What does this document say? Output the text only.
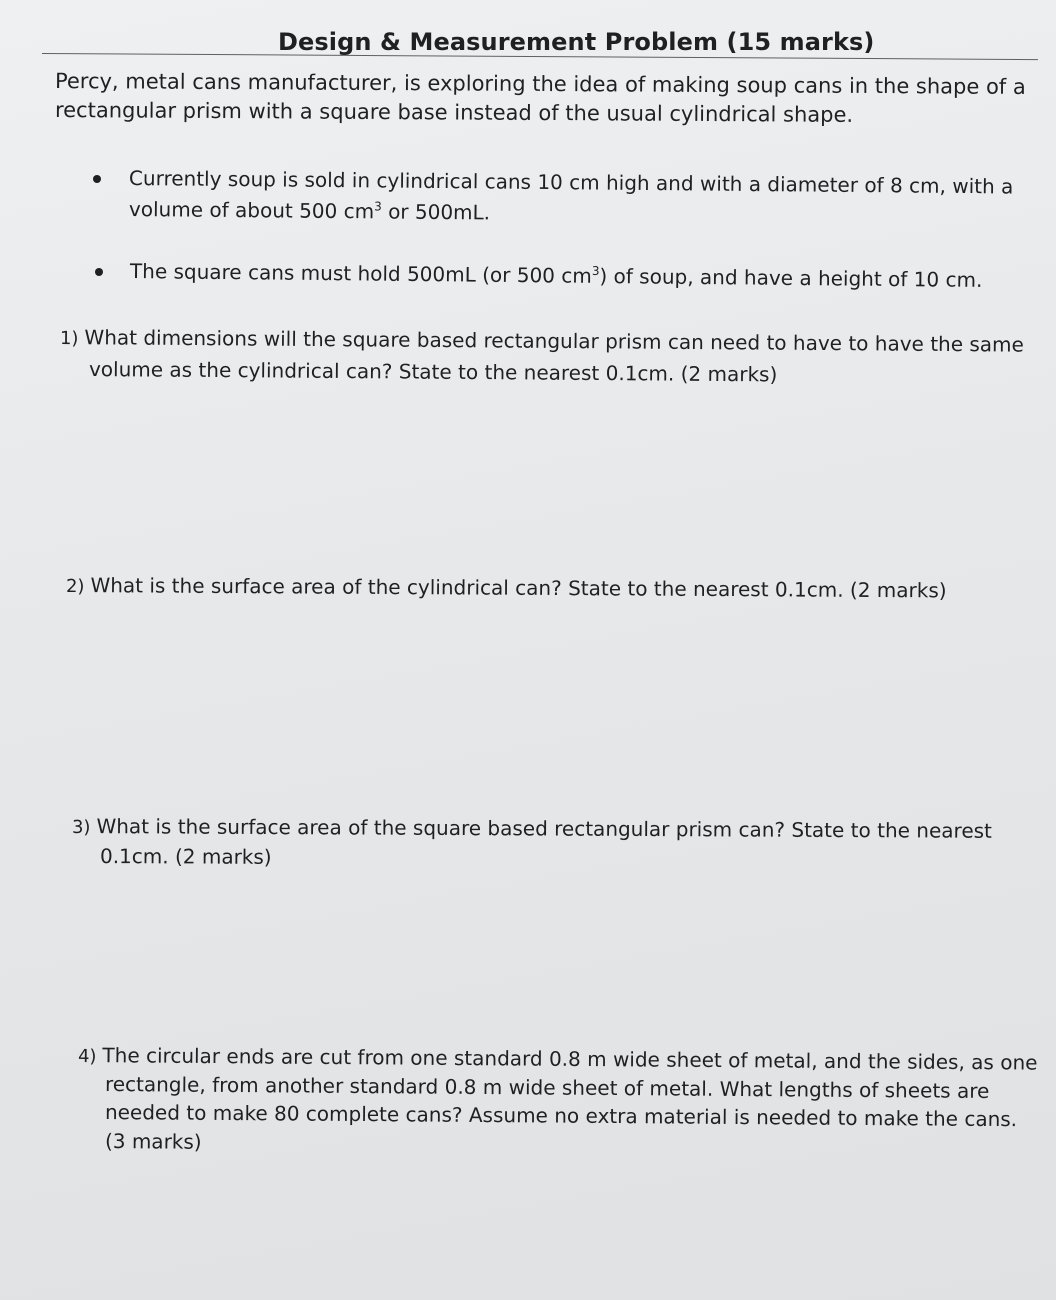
Design & Measurement Problem (15 marks)
Percy, metal cans manufacturer, is exploring the idea of making soup cans in the shape of a
rectangular prism with a square base instead of the usual cylindrical shape.
Currently soup is sold in cylindrical cans 10 cm high and with a diameter of 8 cm, with a
volume of about 500 $cm^3$ or 500mL.
The square cans must hold 500mL (or 500 $cm^3$) of soup, and have a height of 10 cm.
1) What dimensions will the square based rectangular prism can need to have to have the same
volume as the cylindrical can? State to the nearest 0.1cm. (2 marks)
2) What is the surface area of the cylindrical can? State to the nearest 0.1cm. (2 marks)
3) What is the surface area of the square based rectangular prism can? State to the nearest
0.1cm. (2 marks)
4) The circular ends are cut from one standard 0.8 m wide sheet of metal, and the sides, as one
rectangle, from another standard 0.8 m wide sheet of metal. What lengths of sheets are
needed to make 80 complete cans? Assume no extra material is needed to make the cans.
(3 marks)
